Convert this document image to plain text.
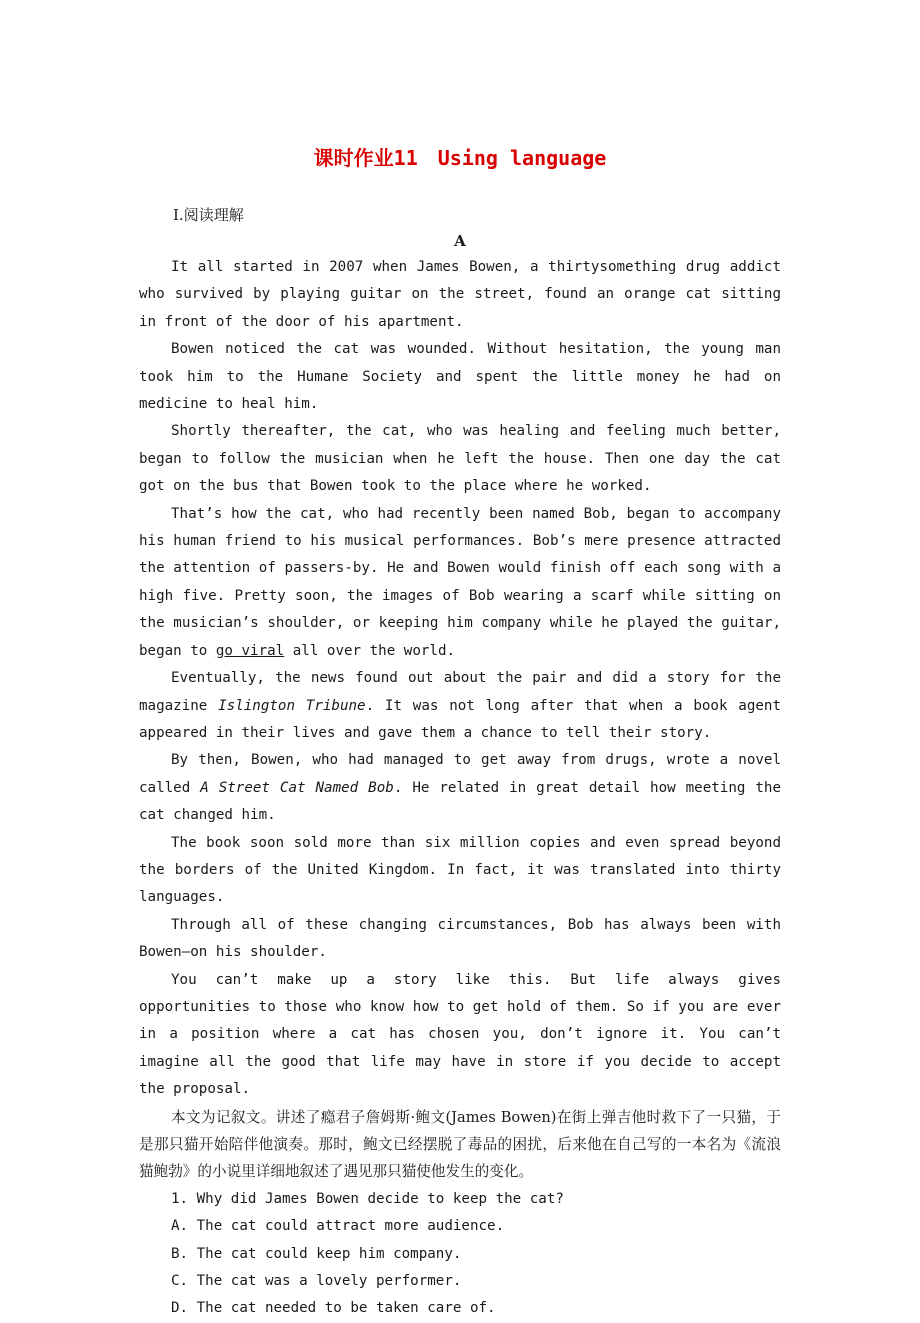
课时作业11　Using language
Ⅰ.阅读理解
A

It all started in 2007 when James Bowen, a thirtysomething drug addict who survived by playing guitar on the street, found an orange cat sitting in front of the door of his apartment.

Bowen noticed the cat was wounded. Without hesitation, the young man took him to the Humane Society and spent the little money he had on medicine to heal him.

Shortly thereafter, the cat, who was healing and feeling much better, began to follow the musician when he left the house. Then one day the cat got on the bus that Bowen took to the place where he worked.

That’s how the cat, who had recently been named Bob, began to accompany his human friend to his musical performances. Bob’s mere presence attracted the attention of passers-by. He and Bowen would finish off each song with a high five. Pretty soon, the images of Bob wearing a scarf while sitting on the musician’s shoulder, or keeping him company while he played the guitar, began to go viral all over the world.

Eventually, the news found out about the pair and did a story for the magazine Islington Tribune. It was not long after that when a book agent appeared in their lives and gave them a chance to tell their story.

By then, Bowen, who had managed to get away from drugs, wrote a novel called A Street Cat Named Bob. He related in great detail how meeting the cat changed him.

The book soon sold more than six million copies and even spread beyond the borders of the United Kingdom. In fact, it was translated into thirty languages.

Through all of these changing circumstances, Bob has always been with Bowen—on his shoulder.

You can’t make up a story like this. But life always gives opportunities to those who know how to get hold of them. So if you are ever in a position where a cat has chosen you, don’t ignore it. You can’t imagine all the good that life may have in store if you decide to accept the proposal.

本文为记叙文。讲述了瘾君子詹姆斯·鲍文(James Bowen)在街上弹吉他时救下了一只猫，于是那只猫开始陪伴他演奏。那时，鲍文已经摆脱了毒品的困扰，后来他在自己写的一本名为《流浪猫鲍勃》的小说里详细地叙述了遇见那只猫使他发生的变化。

1. Why did James Bowen decide to keep the cat?
A. The cat could attract more audience.
B. The cat could keep him company.
C. The cat was a lovely performer.
D. The cat needed to be taken care of.
